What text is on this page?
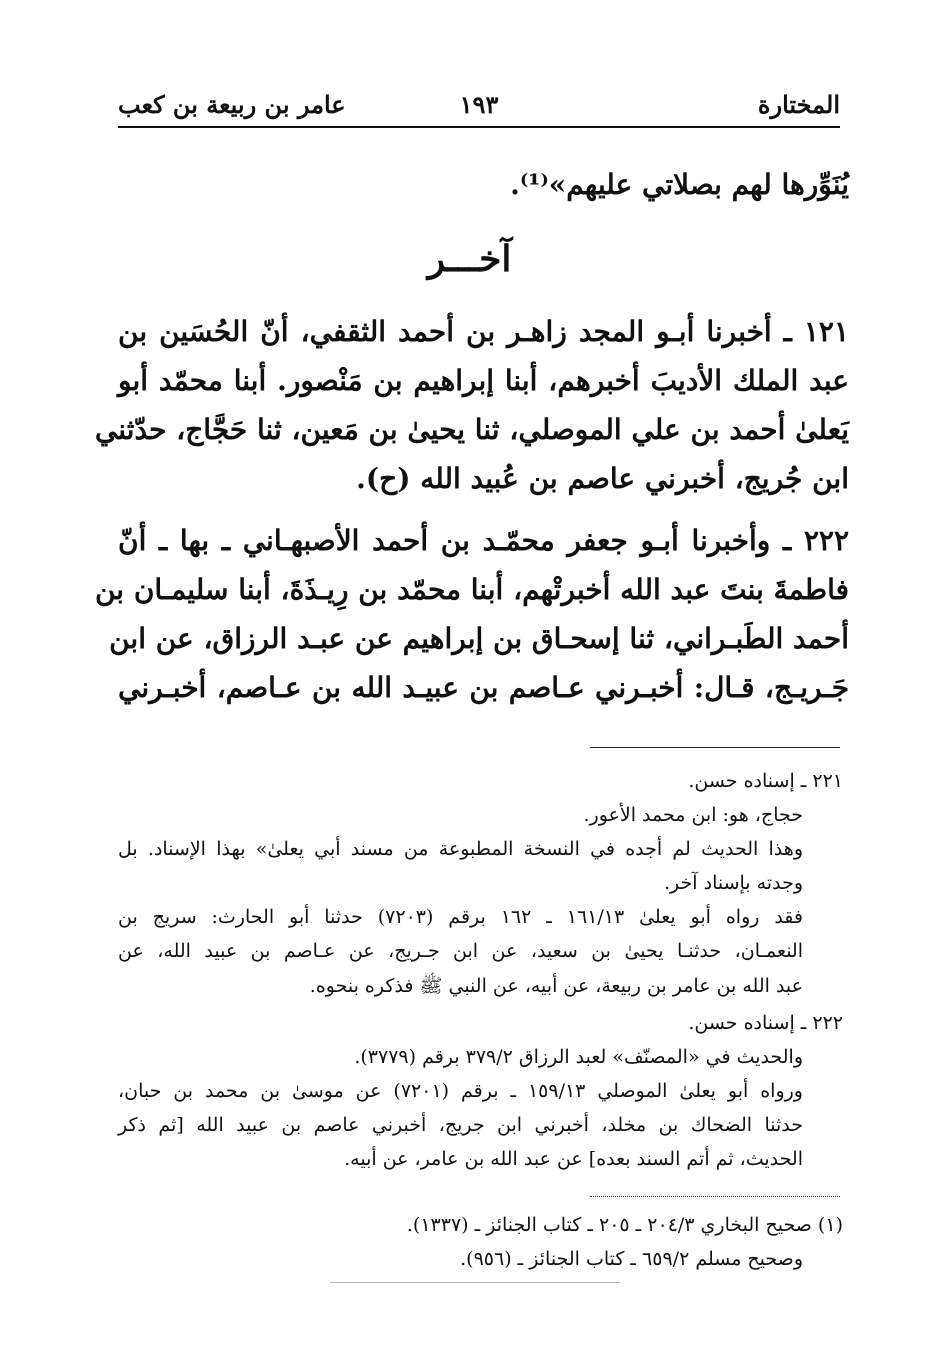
المختارة
١٩٣
عامر بن ربيعة بن كعب
يُنَوِّرها لهم بصلاتي عليهم»⁽¹⁾.
آخـــر
١٢١ ـ أخبرنا أبـو المجد زاهـر بن أحمد الثقفي، أنّ الحُسَين بن
عبد الملك الأديبَ أخبرهم، أبنا إبراهيم بن مَنْصور. أبنا محمّد أبو
يَعلىٰ أحمد بن علي الموصلي، ثنا يحيىٰ بن مَعين، ثنا حَجَّاج، حدّثني
ابن جُريج، أخبرني عاصم بن عُبيد الله (ح).
٢٢٢ ـ وأخبرنا أبـو جعفر محمّـد بن أحمد الأصبهـاني ـ بها ـ أنّ
فاطمةَ بنتَ عبد الله أخبرتْهم، أبنا محمّد بن رِيـذَةَ، أبنا سليمـان بن
أحمد الطَبـراني، ثنا إسحـاق بن إبراهيم عن عبـد الرزاق، عن ابن
جَـريـج، قـال: أخبـرني عـاصم بن عبيـد الله بن عـاصم، أخبـرني
٢٢١ ـ إسناده حسن.
حجاج، هو: ابن محمد الأعور.
وهذا الحديث لم أجده في النسخة المطبوعة من مسند أبي يعلىٰ» بهذا الإسناد. بل
وجدته بإسناد آخر.
فقد رواه أبو يعلىٰ ١٦١/١٣ ـ ١٦٢ برقم (٧٢٠٣) حدثنا أبو الحارث: سريج بن
النعمـان، حدثنـا يحيىٰ بن سعيد، عن ابن جـريج، عن عـاصم بن عبيد الله، عن
عبد الله بن عامر بن ربيعة، عن أبيه، عن النبي ﷺ فذكره بنحوه.
٢٢٢ ـ إسناده حسن.
والحديث في «المصنّف» لعبد الرزاق ٣٧٩/٢ برقم (٣٧٧٩).
ورواه أبو يعلىٰ الموصلي ١٥٩/١٣ ـ برقم (٧٢٠١) عن موسىٰ بن محمد بن حبان،
حدثنا الضحاك بن مخلد، أخبرني ابن جريج، أخبرني عاصم بن عبيد الله [ثم ذكر
الحديث، ثم أتم السند بعده] عن عبد الله بن عامر، عن أبيه.
(١) صحيح البخاري ٢٠٤/٣ ـ ٢٠٥ ـ كتاب الجنائز ـ (١٣٣٧).
وصحيح مسلم ٦٥٩/٢ ـ كتاب الجنائز ـ (٩٥٦).
